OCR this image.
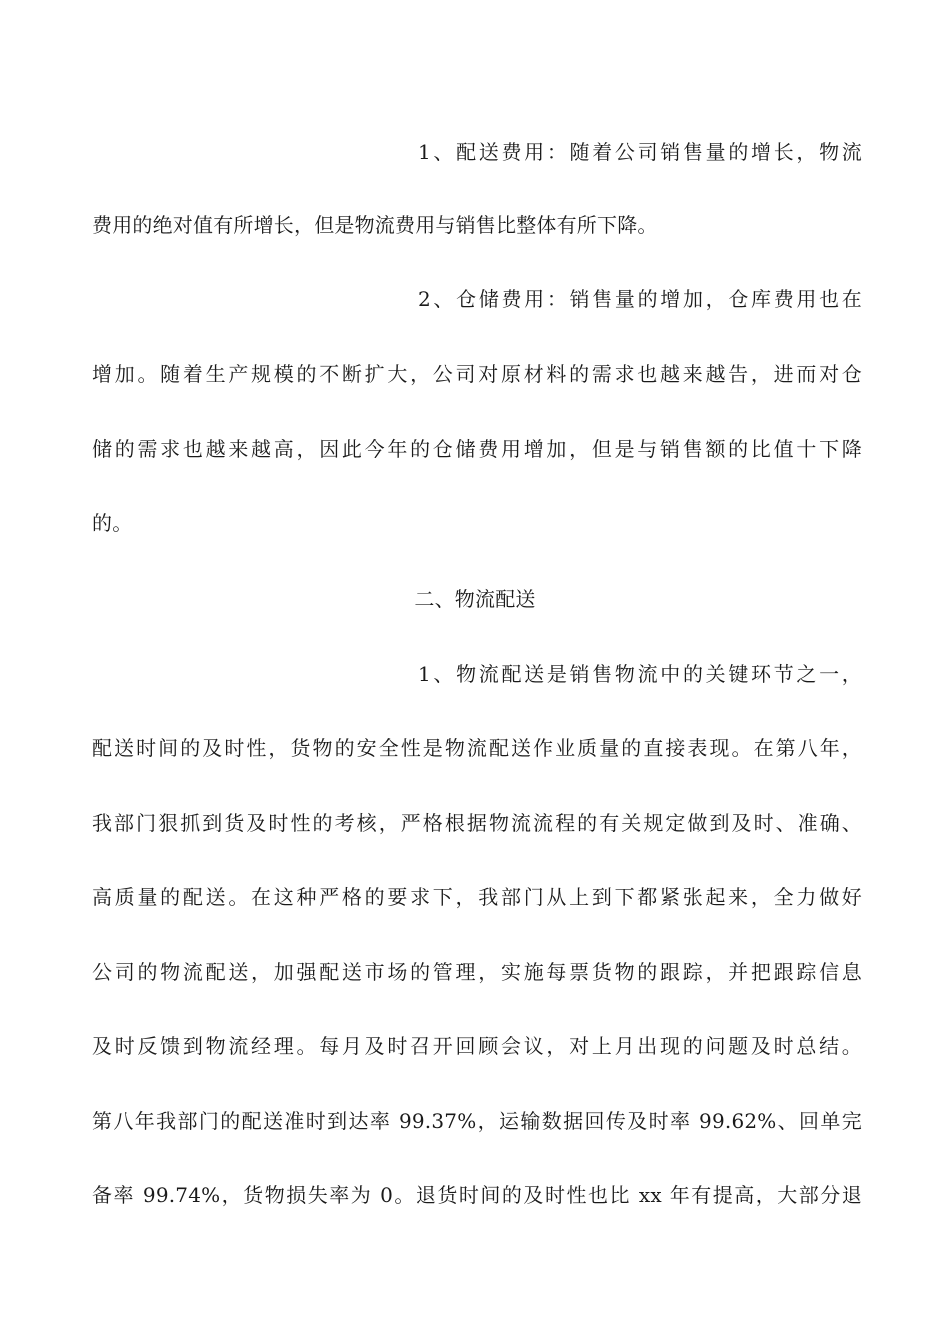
1、配送费用：随着公司销售量的增长，物流
费用的绝对值有所增长，但是物流费用与销售比整体有所下降。
2、仓储费用：销售量的增加，仓库费用也在
增加。随着生产规模的不断扩大，公司对原材料的需求也越来越告，进而对仓
储的需求也越来越高，因此今年的仓储费用增加，但是与销售额的比值十下降
的。
二、物流配送
1、物流配送是销售物流中的关键环节之一，
配送时间的及时性，货物的安全性是物流配送作业质量的直接表现。在第八年，
我部门狠抓到货及时性的考核，严格根据物流流程的有关规定做到及时、准确、
高质量的配送。在这种严格的要求下，我部门从上到下都紧张起来，全力做好
公司的物流配送，加强配送市场的管理，实施每票货物的跟踪，并把跟踪信息
及时反馈到物流经理。每月及时召开回顾会议，对上月出现的问题及时总结。
第八年我部门的配送准时到达率 99.37%，运输数据回传及时率 99.62%、回单完
备率 99.74%，货物损失率为 0。退货时间的及时性也比 xx 年有提高，大部分退
